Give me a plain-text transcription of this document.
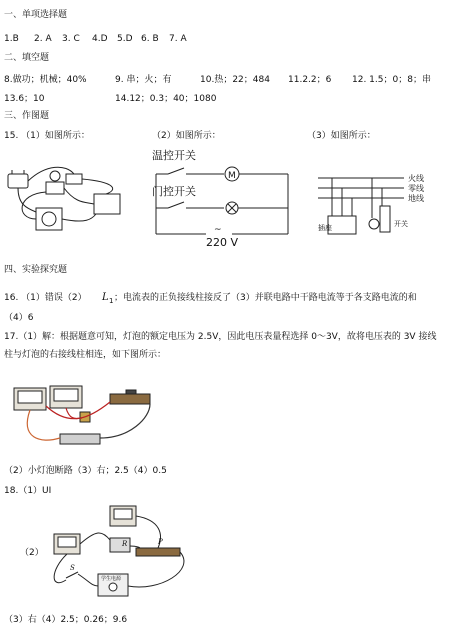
一、单项选择题
1.B 2. A 3. C 4.D 5.D 6. B 7. A
二、填空题
8.做功；机械；40%	9. 串；火；有	10.热；22；484 11.2.2；6 12. 1.5；0；8；串
13.6；10	14.12；0.3；40；1080
三、作图题
15. （1）如图所示：	（2）如图所示：	（3）如图所示：
温控开关
门控开关
M
~
220 V
火线
零线
地线
插座	开关
四、实验探究题
16. （1）错误（2） L 1 ；电流表的正负接线柱接反了（3）并联电路中干路电流等于各支路电流的和
（4）6
17.（1）解：根据题意可知，灯泡的额定电压为 2.5V，因此电压表量程选择 0～3V，故将电压表的 3V 接线
柱与灯泡的右接线柱相连，如下图所示：
（2）小灯泡断路（3）右；2.5（4）0.5
18.（1）UI
（2）
R	P
S
学生电源
（3）右（4）2.5；0.26；9.6
